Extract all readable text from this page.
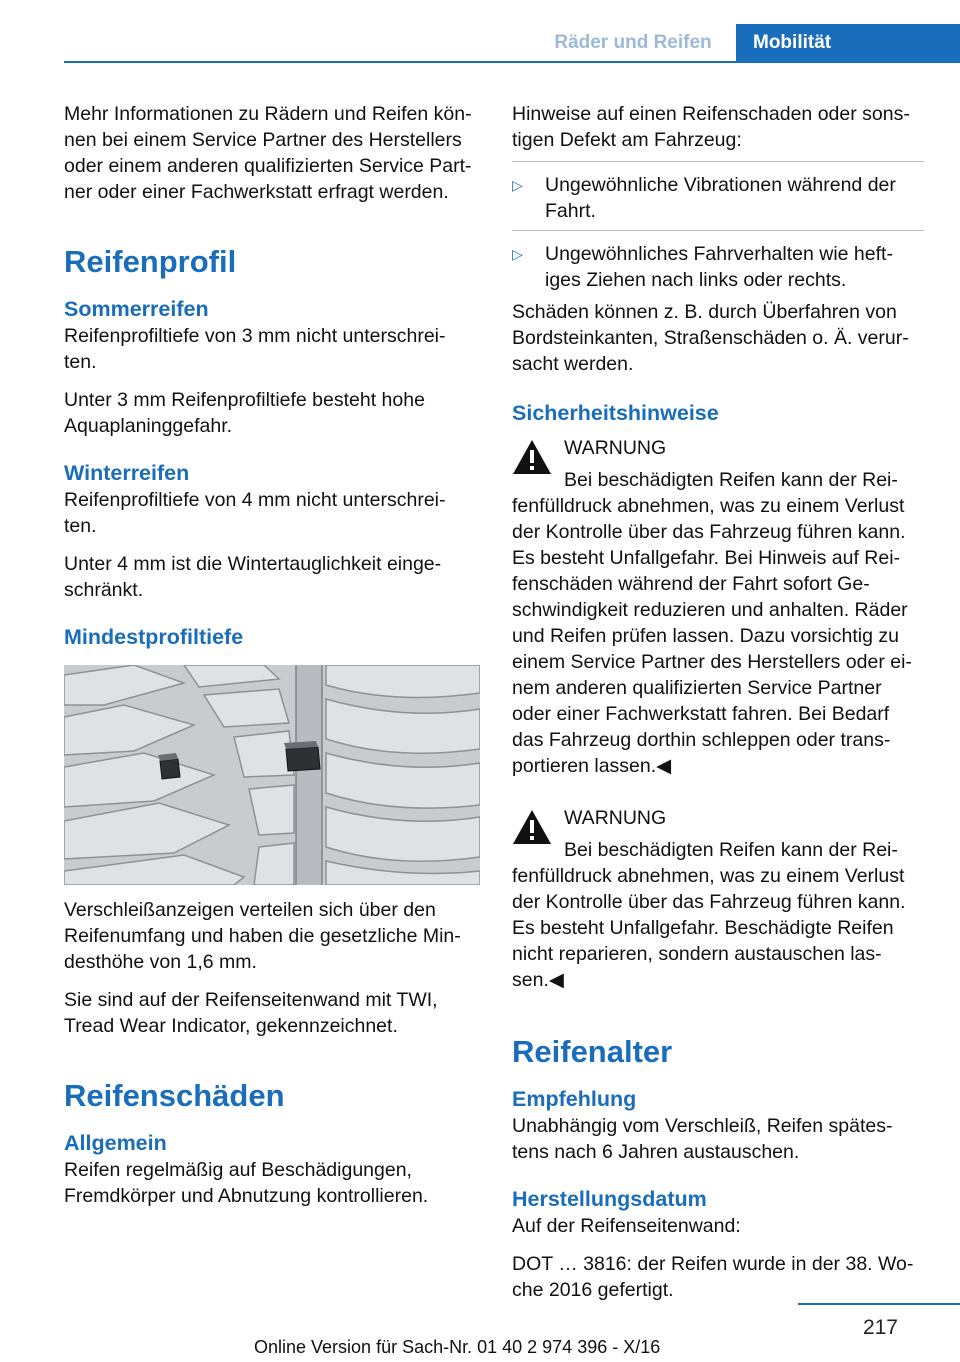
Räder und Reifen	Mobilität

Mehr Informationen zu Rädern und Reifen kön‐ nen bei einem Service Partner des Herstellers oder einem anderen qualifizierten Service Part‐ ner oder einer Fachwerkstatt erfragt werden.

Reifenprofil
Sommerreifen

Reifenprofiltiefe von 3 mm nicht unterschrei‐ ten.

Unter 3 mm Reifenprofiltiefe besteht hohe Aquaplaninggefahr.

Winterreifen

Reifenprofiltiefe von 4 mm nicht unterschrei‐ ten.

Unter 4 mm ist die Wintertauglichkeit einge‐ schränkt.

Mindestprofiltiefe

Verschleißanzeigen verteilen sich über den Reifenumfang und haben die gesetzliche Min‐ desthöhe von 1,6 mm.

Sie sind auf der Reifenseitenwand mit TWI, Tread Wear Indicator, gekennzeichnet.

Reifenschäden
Allgemein

Reifen regelmäßig auf Beschädigungen, Fremdkörper und Abnutzung kontrollieren.

Hinweise auf einen Reifenschaden oder sons‐ tigen Defekt am Fahrzeug:

▷	Ungewöhnliche Vibrationen während der Fahrt.
▷	Ungewöhnliches Fahrverhalten wie heft‐ iges Ziehen nach links oder rechts.

Schäden können z. B. durch Überfahren von Bordsteinkanten, Straßenschäden o. Ä. verur‐ sacht werden.

Sicherheitshinweise

WARNUNG
Bei beschädigten Reifen kann der Rei‐
fenfülldruck abnehmen, was zu einem Verlust der Kontrolle über das Fahrzeug führen kann. Es besteht Unfallgefahr. Bei Hinweis auf Rei‐ fenschäden während der Fahrt sofort Ge‐ schwindigkeit reduzieren und anhalten. Räder und Reifen prüfen lassen. Dazu vorsichtig zu einem Service Partner des Herstellers oder ei‐ nem anderen qualifizierten Service Partner oder einer Fachwerkstatt fahren. Bei Bedarf das Fahrzeug dorthin schleppen oder trans‐ portieren lassen.◀

WARNUNG
Bei beschädigten Reifen kann der Rei‐
fenfülldruck abnehmen, was zu einem Verlust der Kontrolle über das Fahrzeug führen kann. Es besteht Unfallgefahr. Beschädigte Reifen nicht reparieren, sondern austauschen las‐ sen.◀

Reifenalter
Empfehlung

Unabhängig vom Verschleiß, Reifen spätes‐ tens nach 6 Jahren austauschen.

Herstellungsdatum

Auf der Reifenseitenwand:

DOT … 3816: der Reifen wurde in der 38. Wo‐ che 2016 gefertigt.

217
Online Version für Sach-Nr. 01 40 2 974 396 - X/16
